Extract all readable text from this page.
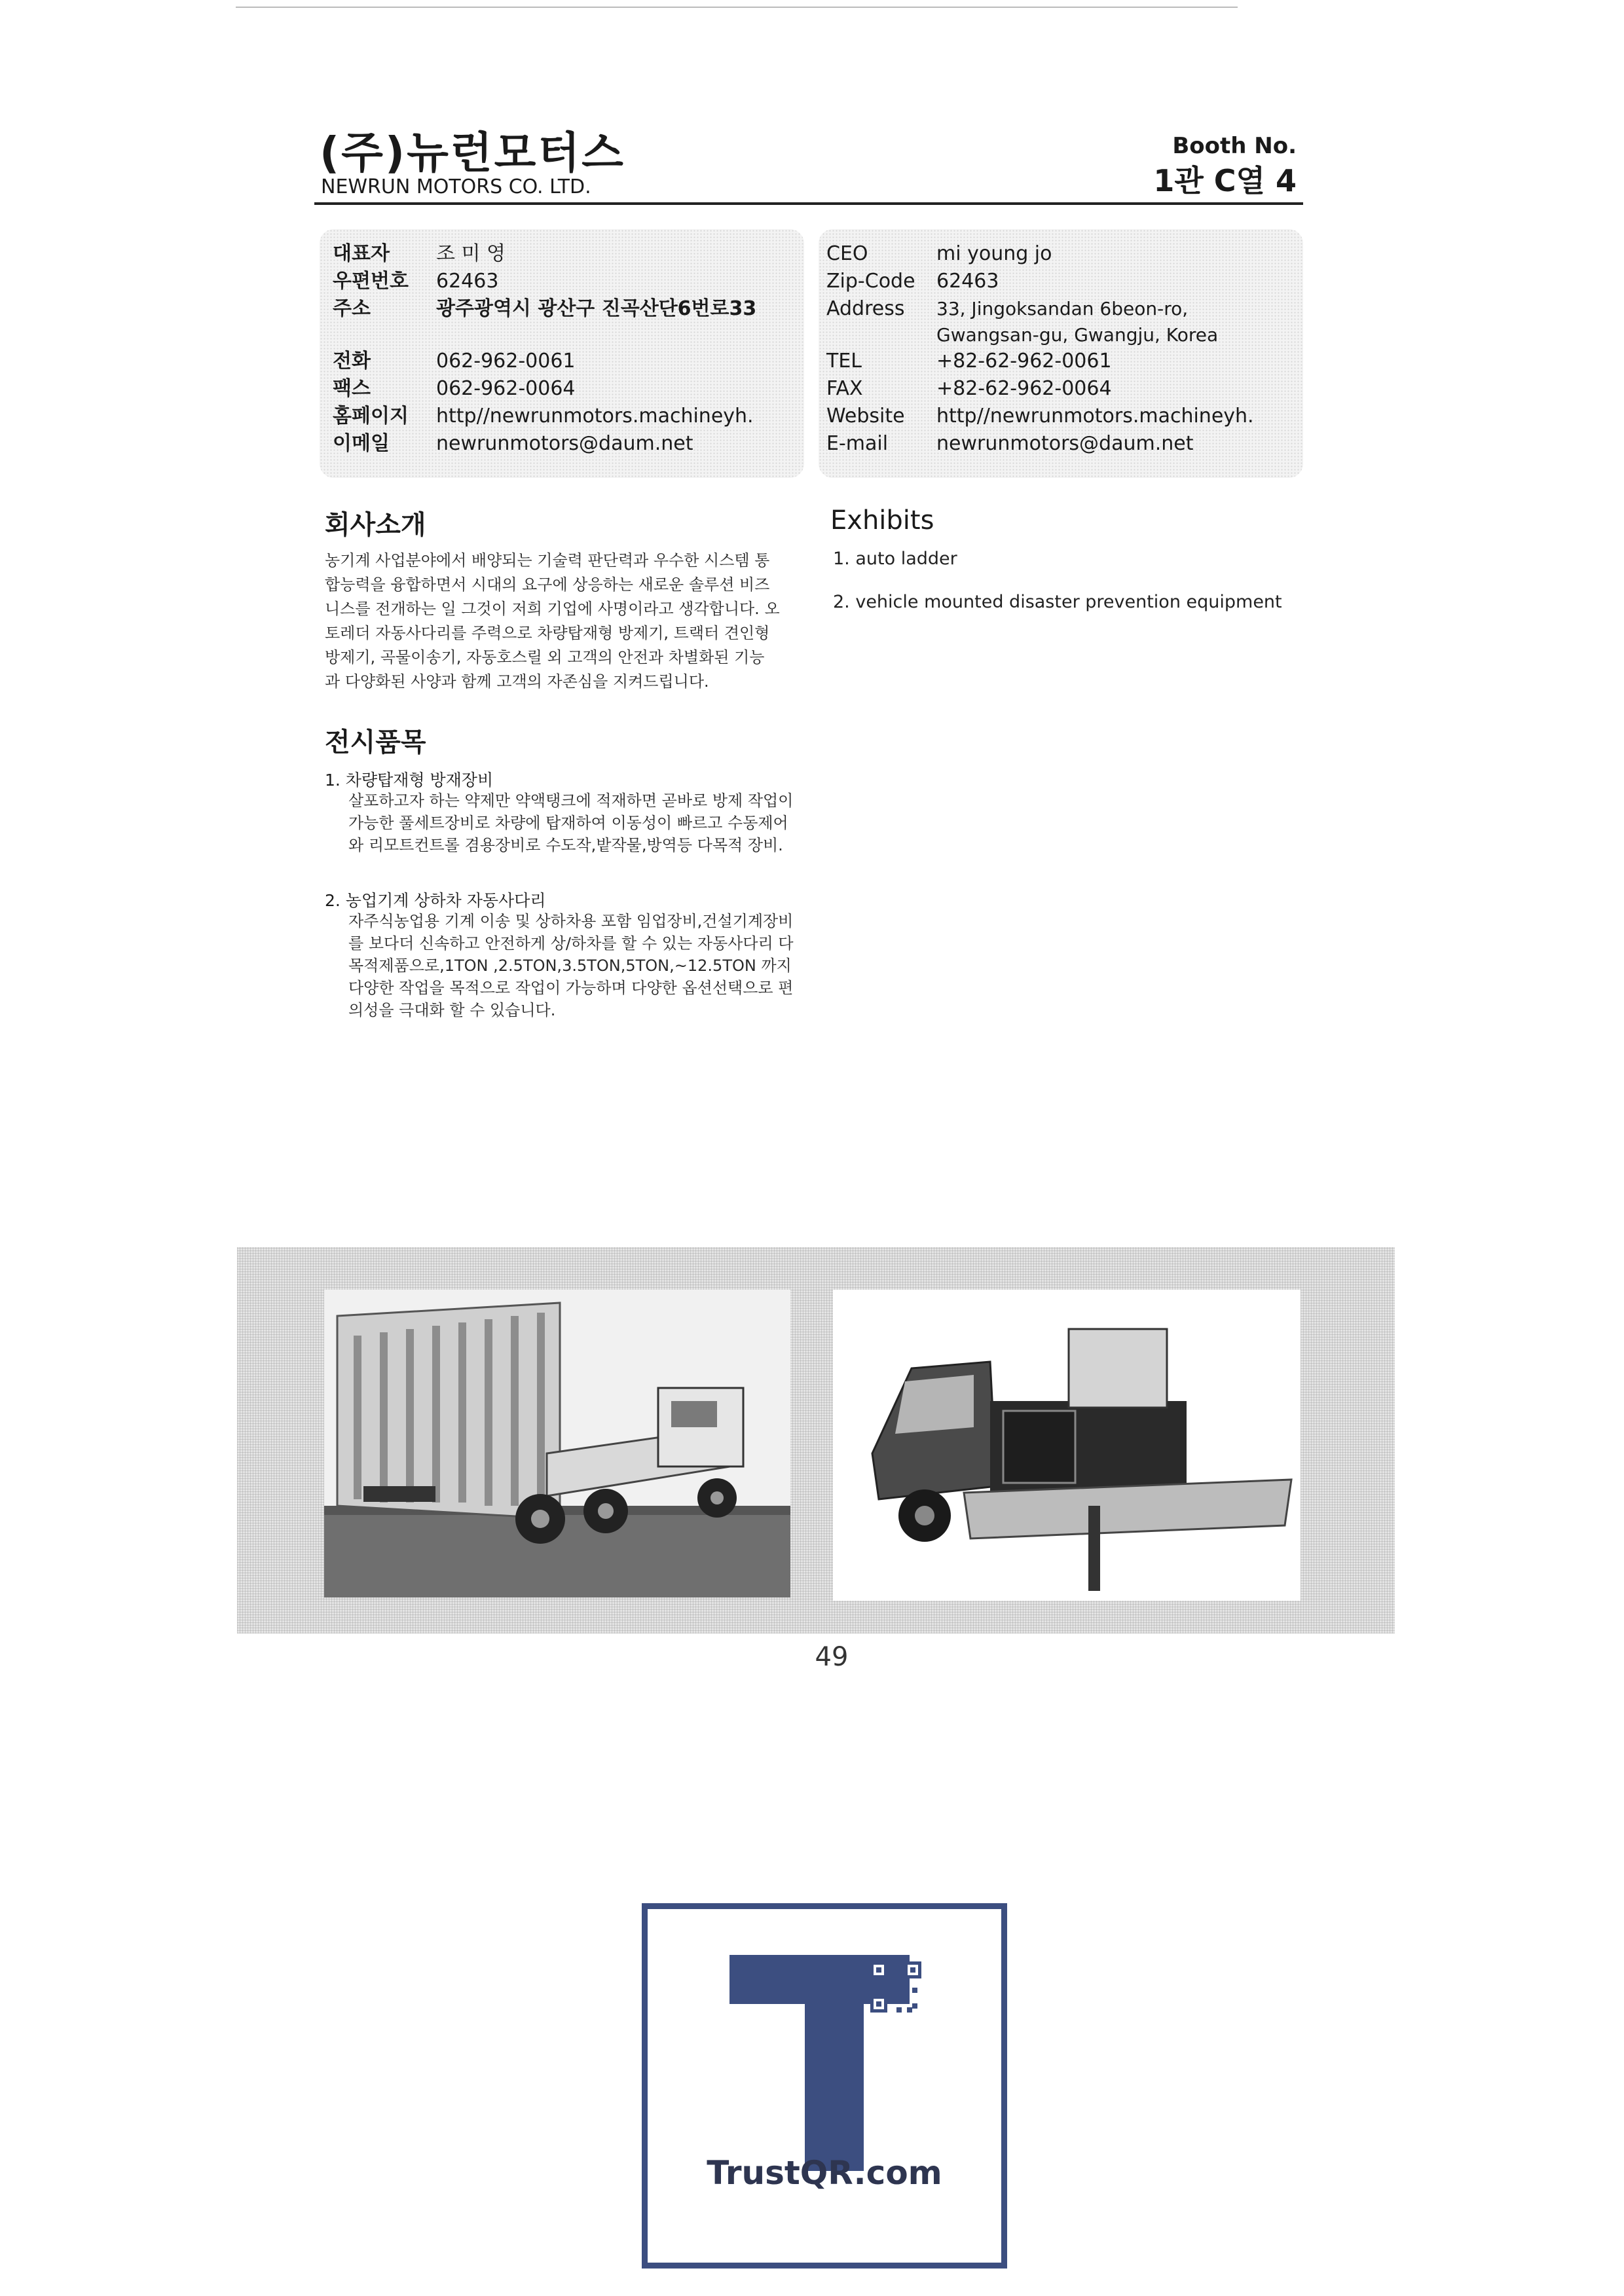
(주)뉴런모터스
NEWRUN MOTORS CO. LTD.
Booth No.
1관 C열 4
대표자 조 미 영
우편번호 62463
주소	광주광역시 광산구 진곡산단6번로33
전화	062-962-0061
팩스	062-962-0064
홈페이지 http//newrunmotors.machineyh.
이메일 newrunmotors@daum.net
CEO	mi young jo
Zip-Code 62463
Address 33, Jingoksandan 6beon-ro,
Gwangsan-gu, Gwangju, Korea
TEL	+82-62-962-0061
FAX	+82-62-962-0064
Website http//newrunmotors.machineyh.
E-mail newrunmotors@daum.net
회사소개
농기계 사업분야에서 배양되는 기술력 판단력과 우수한 시스템 통
합능력을 융합하면서 시대의 요구에 상응하는 새로운 솔루션 비즈
니스를 전개하는 일 그것이 저희 기업에 사명이라고 생각합니다. 오
토레더 자동사다리를 주력으로 차량탑재형 방제기, 트랙터 견인형
방제기, 곡물이송기, 자동호스릴 외 고객의 안전과 차별화된 기능
과 다양화된 사양과 함께 고객의 자존심을 지켜드립니다.
전시품목
1. 차량탑재형 방재장비
살포하고자 하는 약제만 약액탱크에 적재하면 곧바로 방제 작업이
가능한 풀세트장비로 차량에 탑재하여 이동성이 빠르고 수동제어
와 리모트컨트롤 겸용장비로 수도작,밭작물,방역등 다목적 장비.
2. 농업기계 상하차 자동사다리
자주식농업용 기계 이송 및 상하차용 포함 임업장비,건설기계장비
를 보다더 신속하고 안전하게 상/하차를 할 수 있는 자동사다리 다
목적제품으로,1TON ,2.5TON,3.5TON,5TON,~12.5TON 까지
다양한 작업을 목적으로 작업이 가능하며 다양한 옵션선택으로 편
의성을 극대화 할 수 있습니다.
Exhibits
1. auto ladder
2. vehicle mounted disaster prevention equipment
49
TrustQR.com
